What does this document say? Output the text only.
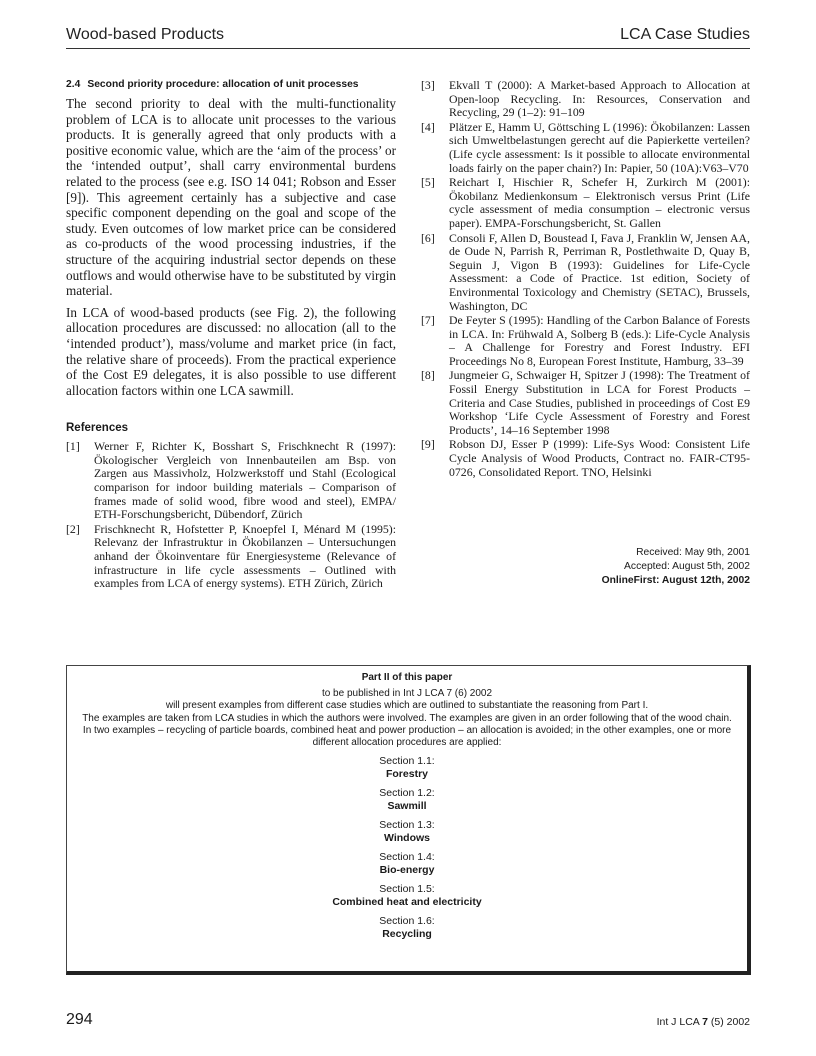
Wood-based Products	LCA Case Studies
2.4 Second priority procedure: allocation of unit processes

The second priority to deal with the multi-functionality problem of LCA is to allocate unit processes to the various products. It is generally agreed that only products with a positive economic value, which are the ‘aim of the process’ or the ‘intended output’, shall carry environmental burdens related to the process (see e.g. ISO 14 041; Robson and Esser [9]). This agreement certainly has a subjective and case specific component depending on the goal and scope of the study. Even outcomes of low market price can be considered as co-products of the wood processing industries, if the structure of the acquiring industrial sector depends on these outflows and would otherwise have to be substituted by virgin material.

In LCA of wood-based products (see Fig. 2), the following allocation procedures are discussed: no allocation (all to the ‘intended product’), mass/volume and market price (in fact, the relative share of proceeds). From the practical experience of the Cost E9 delegates, it is also possible to use different allocation factors within one LCA sawmill.

References
[1]	Werner F, Richter K, Bosshart S, Frischknecht R (1997): Ökologischer Vergleich von Innenbauteilen am Bsp. von Zargen aus Massivholz, Holzwerkstoff und Stahl (Ecological comparison for indoor building materials – Comparison of frames made of solid wood, fibre wood and steel), EMPA/ ETH-Forschungsbericht, Dübendorf, Zürich
[2]	Frischknecht R, Hofstetter P, Knoepfel I, Ménard M (1995): Relevanz der Infrastruktur in Ökobilanzen – Untersuchungen anhand der Ökoinventare für Energiesysteme (Relevance of infrastructure in life cycle assessments – Outlined with examples from LCA of energy systems). ETH Zürich, Zürich
[3]	Ekvall T (2000): A Market-based Approach to Allocation at Open-loop Recycling. In: Resources, Conservation and Recycling, 29 (1–2): 91–109
[4]	Plätzer E, Hamm U, Göttsching L (1996): Ökobilanzen: Lassen sich Umweltbelastungen gerecht auf die Papierkette verteilen? (Life cycle assessment: Is it possible to allocate environmental loads fairly on the paper chain?) In: Papier, 50 (10A):V63–V70
[5]	Reichart I, Hischier R, Schefer H, Zurkirch M (2001): Ökobilanz Medienkonsum – Elektronisch versus Print (Life cycle assessment of media consumption – electronic versus paper). EMPA-Forschungsbericht, St. Gallen
[6]	Consoli F, Allen D, Boustead I, Fava J, Franklin W, Jensen AA, de Oude N, Parrish R, Perriman R, Postlethwaite D, Quay B, Seguin J, Vigon B (1993): Guidelines for Life-Cycle Assessment: a Code of Practice. 1st edition, Society of Environmental Toxicology and Chemistry (SETAC), Brussels, Washington, DC
[7]	De Feyter S (1995): Handling of the Carbon Balance of Forests in LCA. In: Frühwald A, Solberg B (eds.): Life-Cycle Analysis – A Challenge for Forestry and Forest Industry. EFI Proceedings No 8, European Forest Institute, Hamburg, 33–39
[8]	Jungmeier G, Schwaiger H, Spitzer J (1998): The Treatment of Fossil Energy Substitution in LCA for Forest Products – Criteria and Case Studies, published in proceedings of Cost E9 Workshop ‘Life Cycle Assessment of Forestry and Forest Products’, 14–16 September 1998
[9]	Robson DJ, Esser P (1999): Life-Sys Wood: Consistent Life Cycle Analysis of Wood Products, Contract no. FAIR-CT95-0726, Consolidated Report. TNO, Helsinki
Received: May 9th, 2001
Accepted: August 5th, 2002
OnlineFirst: August 12th, 2002
Part II of this paper
to be published in Int J LCA 7 (6) 2002
will present examples from different case studies which are outlined to substantiate the reasoning from Part I.
The examples are taken from LCA studies in which the authors were involved. The examples are given in an order following that of the wood chain. In two examples – recycling of particle boards, combined heat and power production – an allocation is avoided; in the other examples, one or more different allocation procedures are applied:
Section 1.1:
Forestry
Section 1.2:
Sawmill
Section 1.3:
Windows
Section 1.4:
Bio-energy
Section 1.5:
Combined heat and electricity
Section 1.6:
Recycling
294	Int J LCA 7 (5) 2002
